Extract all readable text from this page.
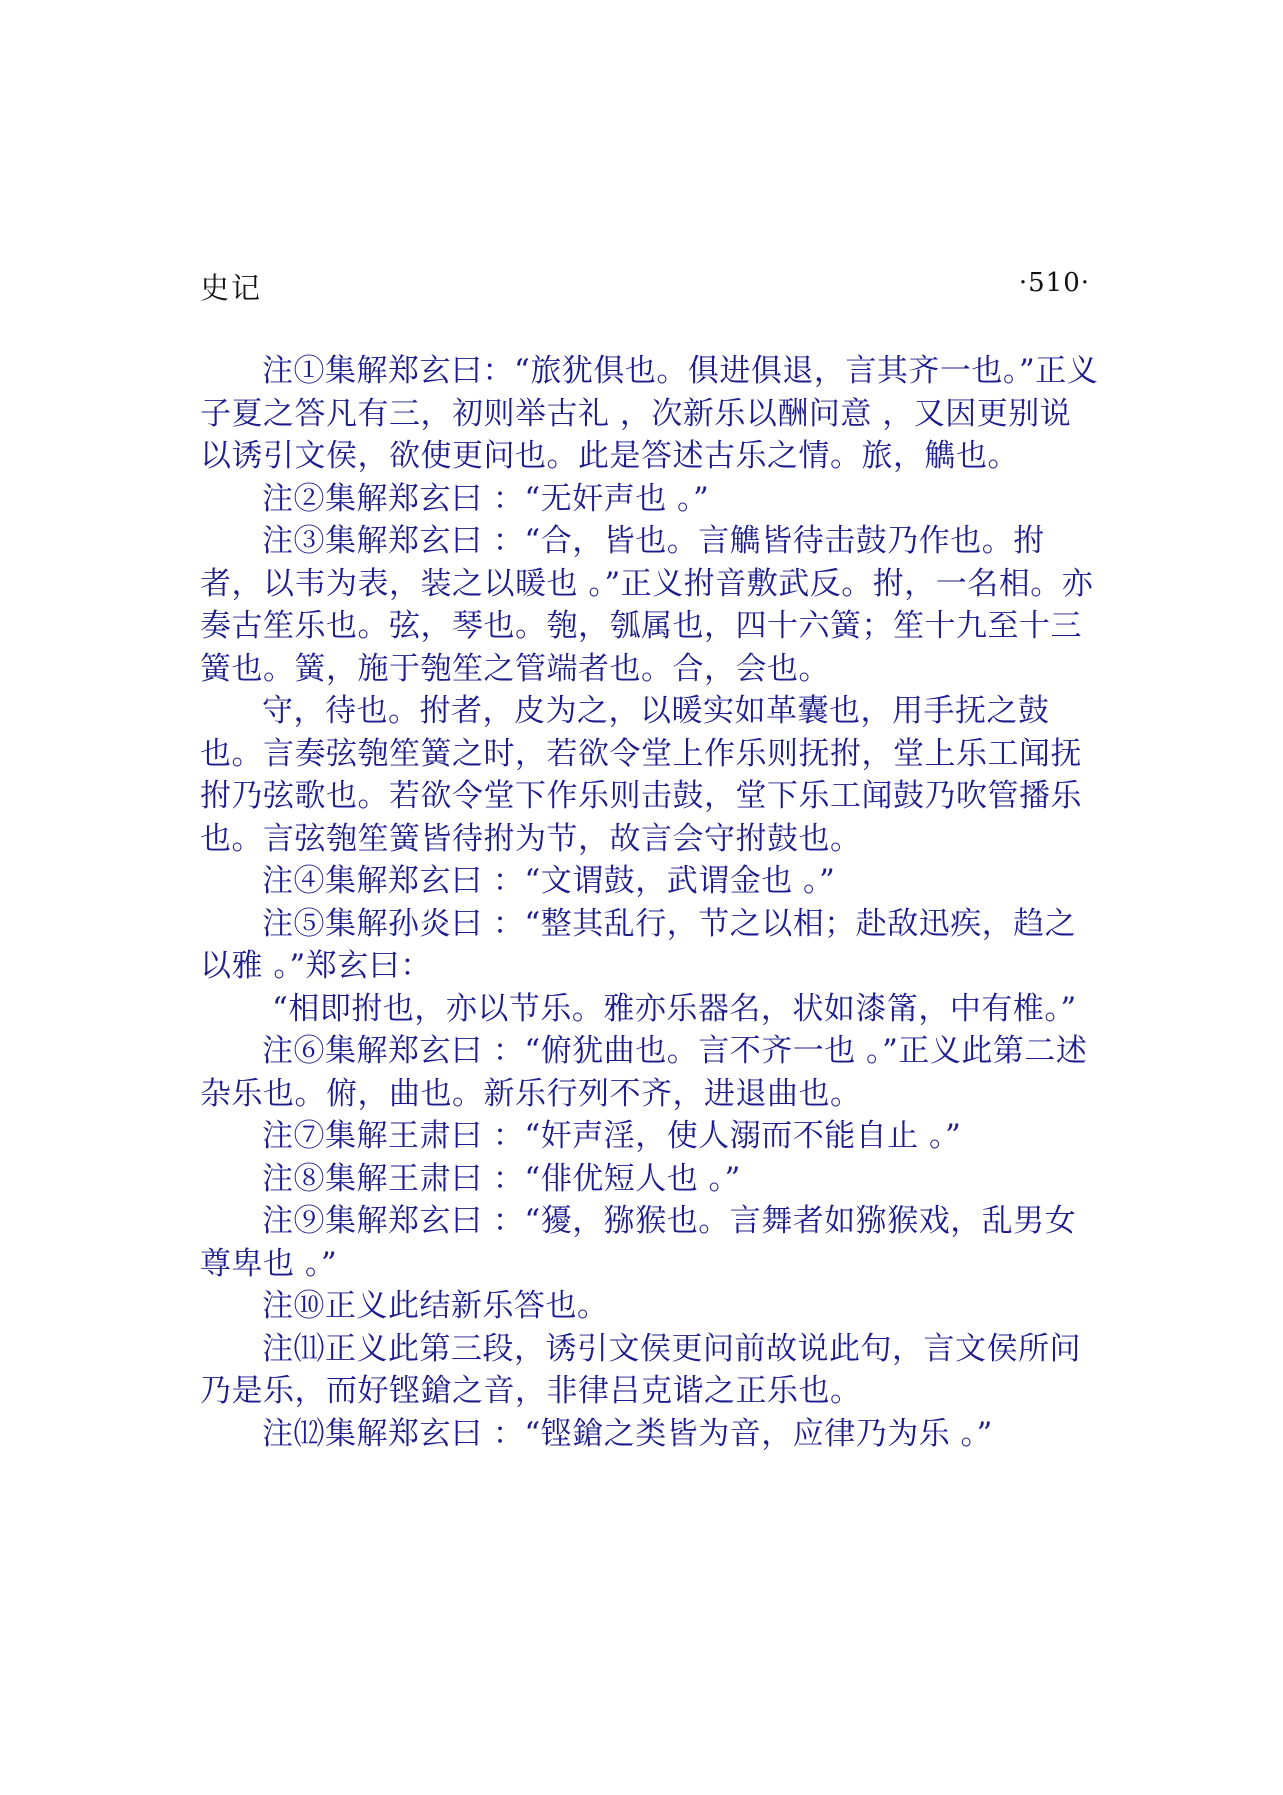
史记	·510·

注①集解郑玄曰：“旅犹俱也。俱进俱退，言其齐一也。”正义子夏之答凡有三，初则举古礼 ，次新乐以酬问意 ，又因更别说以诱引文侯，欲使更问也。此是答述古乐之情。旅，觹也。

注②集解郑玄曰 ：“无奸声也 。”

注③集解郑玄曰 ：“合，皆也。言觹皆待击鼓乃作也。拊者，以韦为表，装之以暖也 。”正义拊音敷武反。拊，一名相。亦奏古笙乐也。弦，琴也。匏，瓠属也，四十六簧；笙十九至十三簧也。簧，施于匏笙之管端者也。合，会也。

守，待也。拊者，皮为之，以暖实如革囊也，用手抚之鼓也。言奏弦匏笙簧之时，若欲令堂上作乐则抚拊，堂上乐工闻抚拊乃弦歌也。若欲令堂下作乐则击鼓，堂下乐工闻鼓乃吹管播乐也。言弦匏笙簧皆待拊为节，故言会守拊鼓也。

注④集解郑玄曰 ：“文谓鼓，武谓金也 。”

注⑤集解孙炎曰 ：“整其乱行，节之以相；赴敌迅疾，趋之以雅 。”郑玄曰：

“相即拊也，亦以节乐。雅亦乐器名，状如漆筩，中有椎。”

注⑥集解郑玄曰 ：“俯犹曲也。言不齐一也 。”正义此第二述杂乐也。俯，曲也。新乐行列不齐，进退曲也。

注⑦集解王肃曰 ：“奸声淫，使人溺而不能自止 。”

注⑧集解王肃曰 ：“俳优短人也 。”

注⑨集解郑玄曰 ：“獶，猕猴也。言舞者如猕猴戏，乱男女尊卑也 。”

注⑩正义此结新乐答也。

注⑾正义此第三段，诱引文侯更问前故说此句，言文侯所问乃是乐，而好铿鎗之音，非律吕克谐之正乐也。

注⑿集解郑玄曰 ：“铿鎗之类皆为音，应律乃为乐 。”
